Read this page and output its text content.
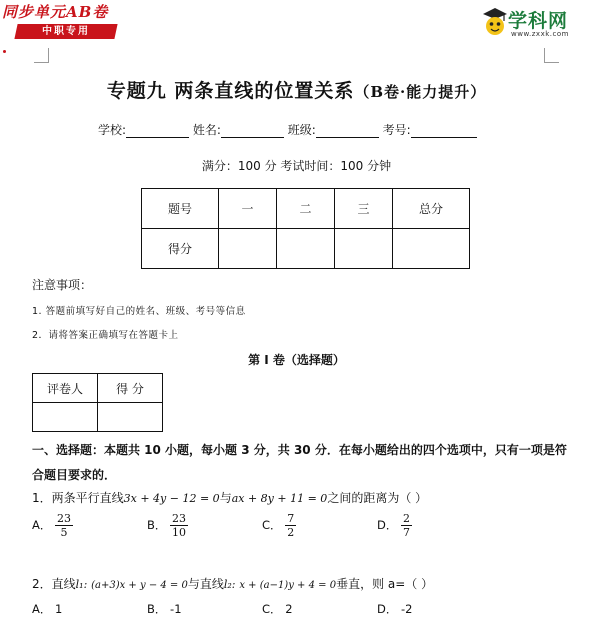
同步单元AB卷
中职专用	学科网
www.zxxk.com
专题九 两条直线的位置关系（B卷·能力提升）
学校:	姓名:	班级:	考号:
满分：100 分 考试时间：100 分钟
题号	一	二	三	总分
得分				
注意事项：
1. 答题前填写好自己的姓名、班级、考号等信息
2．请将答案正确填写在答题卡上
第 I 卷（选择题）
评卷人	得 分

一、选择题：本题共 10 小题，每小题 3 分，共 30 分．在每小题给出的四个选项中，只有一项是符合题目要求的．
1．两条平行直线3x + 4y − 12 = 0与ax + 8y + 11 = 0之间的距离为（ ）
A． $\frac{23}{5}$	B． $\frac{23}{10}$	C． $\frac{7}{2}$	D． $\frac{2}{7}$
2．直线l₁: (a+3)x + y − 4 = 0与直线l₂: x + (a−1)y + 4 = 0垂直，则 a=（ ）
A． 1	B． -1	C． 2	D． -2
